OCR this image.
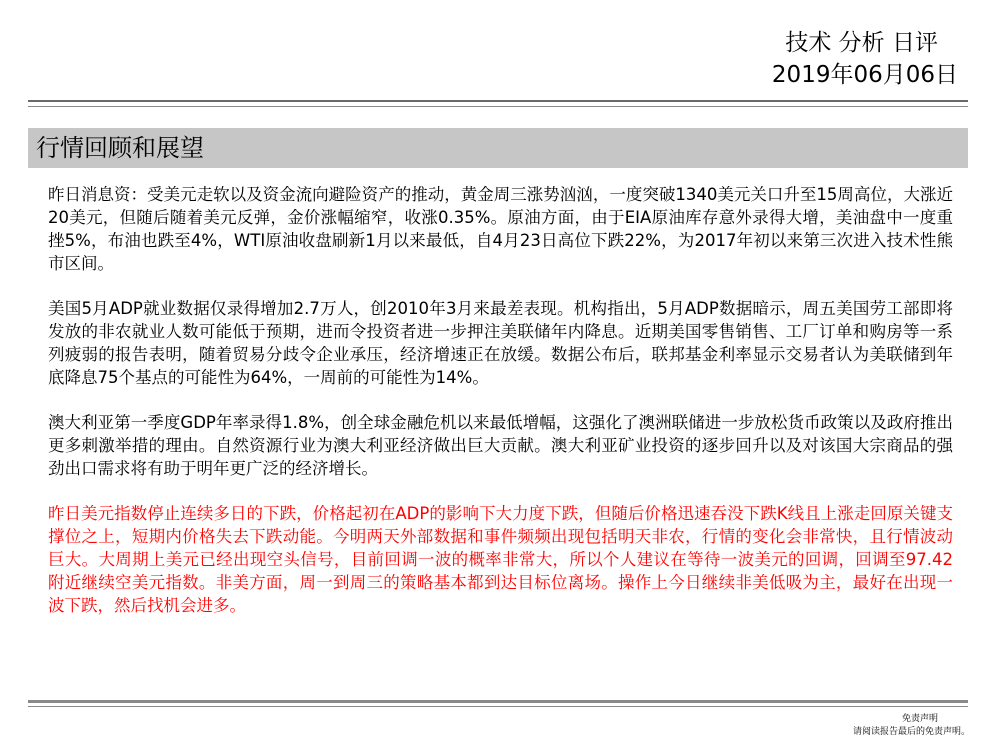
技术 分析 日评
2019年06月06日
行情回顾和展望

昨日消息资：受美元走软以及资金流向避险资产的推动，黄金周三涨势汹汹，一度突破1340美元关口升至15周高位，大涨近20美元，但随后随着美元反弹，金价涨幅缩窄，收涨0.35%。原油方面，由于EIA原油库存意外录得大增，美油盘中一度重挫5%，布油也跌至4%，WTI原油收盘刷新1月以来最低，自4月23日高位下跌22%，为2017年初以来第三次进入技术性熊市区间。

美国5月ADP就业数据仅录得增加2.7万人，创2010年3月来最差表现。机构指出，5月ADP数据暗示，周五美国劳工部即将发放的非农就业人数可能低于预期，进而令投资者进一步押注美联储年内降息。近期美国零售销售、工厂订单和购房等一系列疲弱的报告表明，随着贸易分歧令企业承压，经济增速正在放缓。数据公布后，联邦基金利率显示交易者认为美联储到年底降息75个基点的可能性为64%，一周前的可能性为14%。

澳大利亚第一季度GDP年率录得1.8%，创全球金融危机以来最低增幅，这强化了澳洲联储进一步放松货币政策以及政府推出更多刺激举措的理由。自然资源行业为澳大利亚经济做出巨大贡献。澳大利亚矿业投资的逐步回升以及对该国大宗商品的强劲出口需求将有助于明年更广泛的经济增长。

昨日美元指数停止连续多日的下跌，价格起初在ADP的影响下大力度下跌，但随后价格迅速吞没下跌K线且上涨走回原关键支撑位之上，短期内价格失去下跌动能。今明两天外部数据和事件频频出现包括明天非农，行情的变化会非常快，且行情波动巨大。大周期上美元已经出现空头信号，目前回调一波的概率非常大，所以个人建议在等待一波美元的回调，回调至97.42附近继续空美元指数。非美方面，周一到周三的策略基本都到达目标位离场。操作上今日继续非美低吸为主，最好在出现一波下跌，然后找机会进多。

免责声明
请阅读报告最后的免责声明。
